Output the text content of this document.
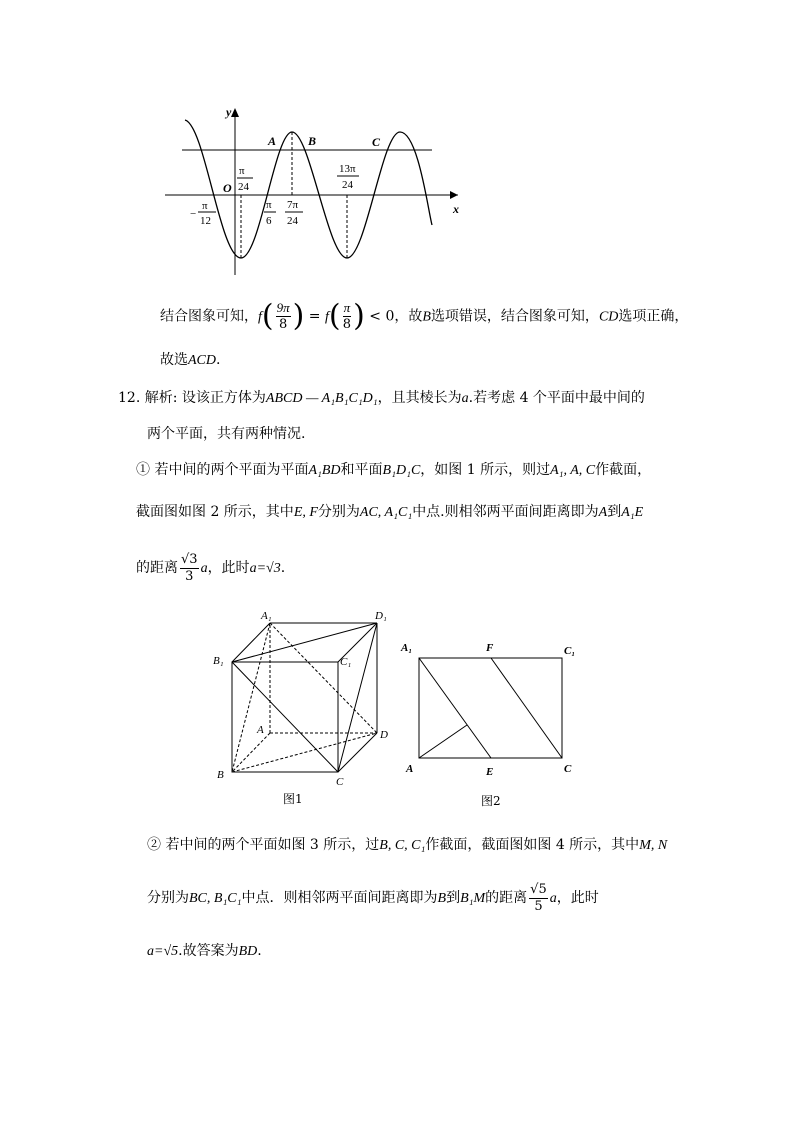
y
x
O
A	B	C
−
π
12
π
24
π
6
7π
24
13π
24
结合图象可知，$f( \frac{9\pi}{8}$ ) = $f( \frac{\pi}{8}$ ) < 0，故B选项错误，结合图象可知，CD选项正确，
故选ACD.
12. 解析: 设该正方体为ABCD — A₁B₁C₁D₁，且其棱长为a.若考虑 4 个平面中最中间的
两个平面，共有两种情况.
① 若中间的两个平面为平面A₁BD和平面B₁D₁C，如图 1 所示，则过A₁, A, C作截面，
截面图如图 2 所示，其中E, F分别为AC, A₁C₁中点.则相邻两平面间距离即为A到A₁E
的距离 $\frac{√3}{3}$ a，此时a=√3.
A₁	D₁
B₁	C₁
A	D
B
C
图1
A₁	F	C₁
A	E	C
图2
② 若中间的两个平面如图 3 所示，过B, C, C₁作截面，截面图如图 4 所示，其中M, N
分别为BC, B₁C₁中点．则相邻两平面间距离即为B到B₁M的距离 $\frac{√5}{5}$ a，此时
a=√5.故答案为BD.
